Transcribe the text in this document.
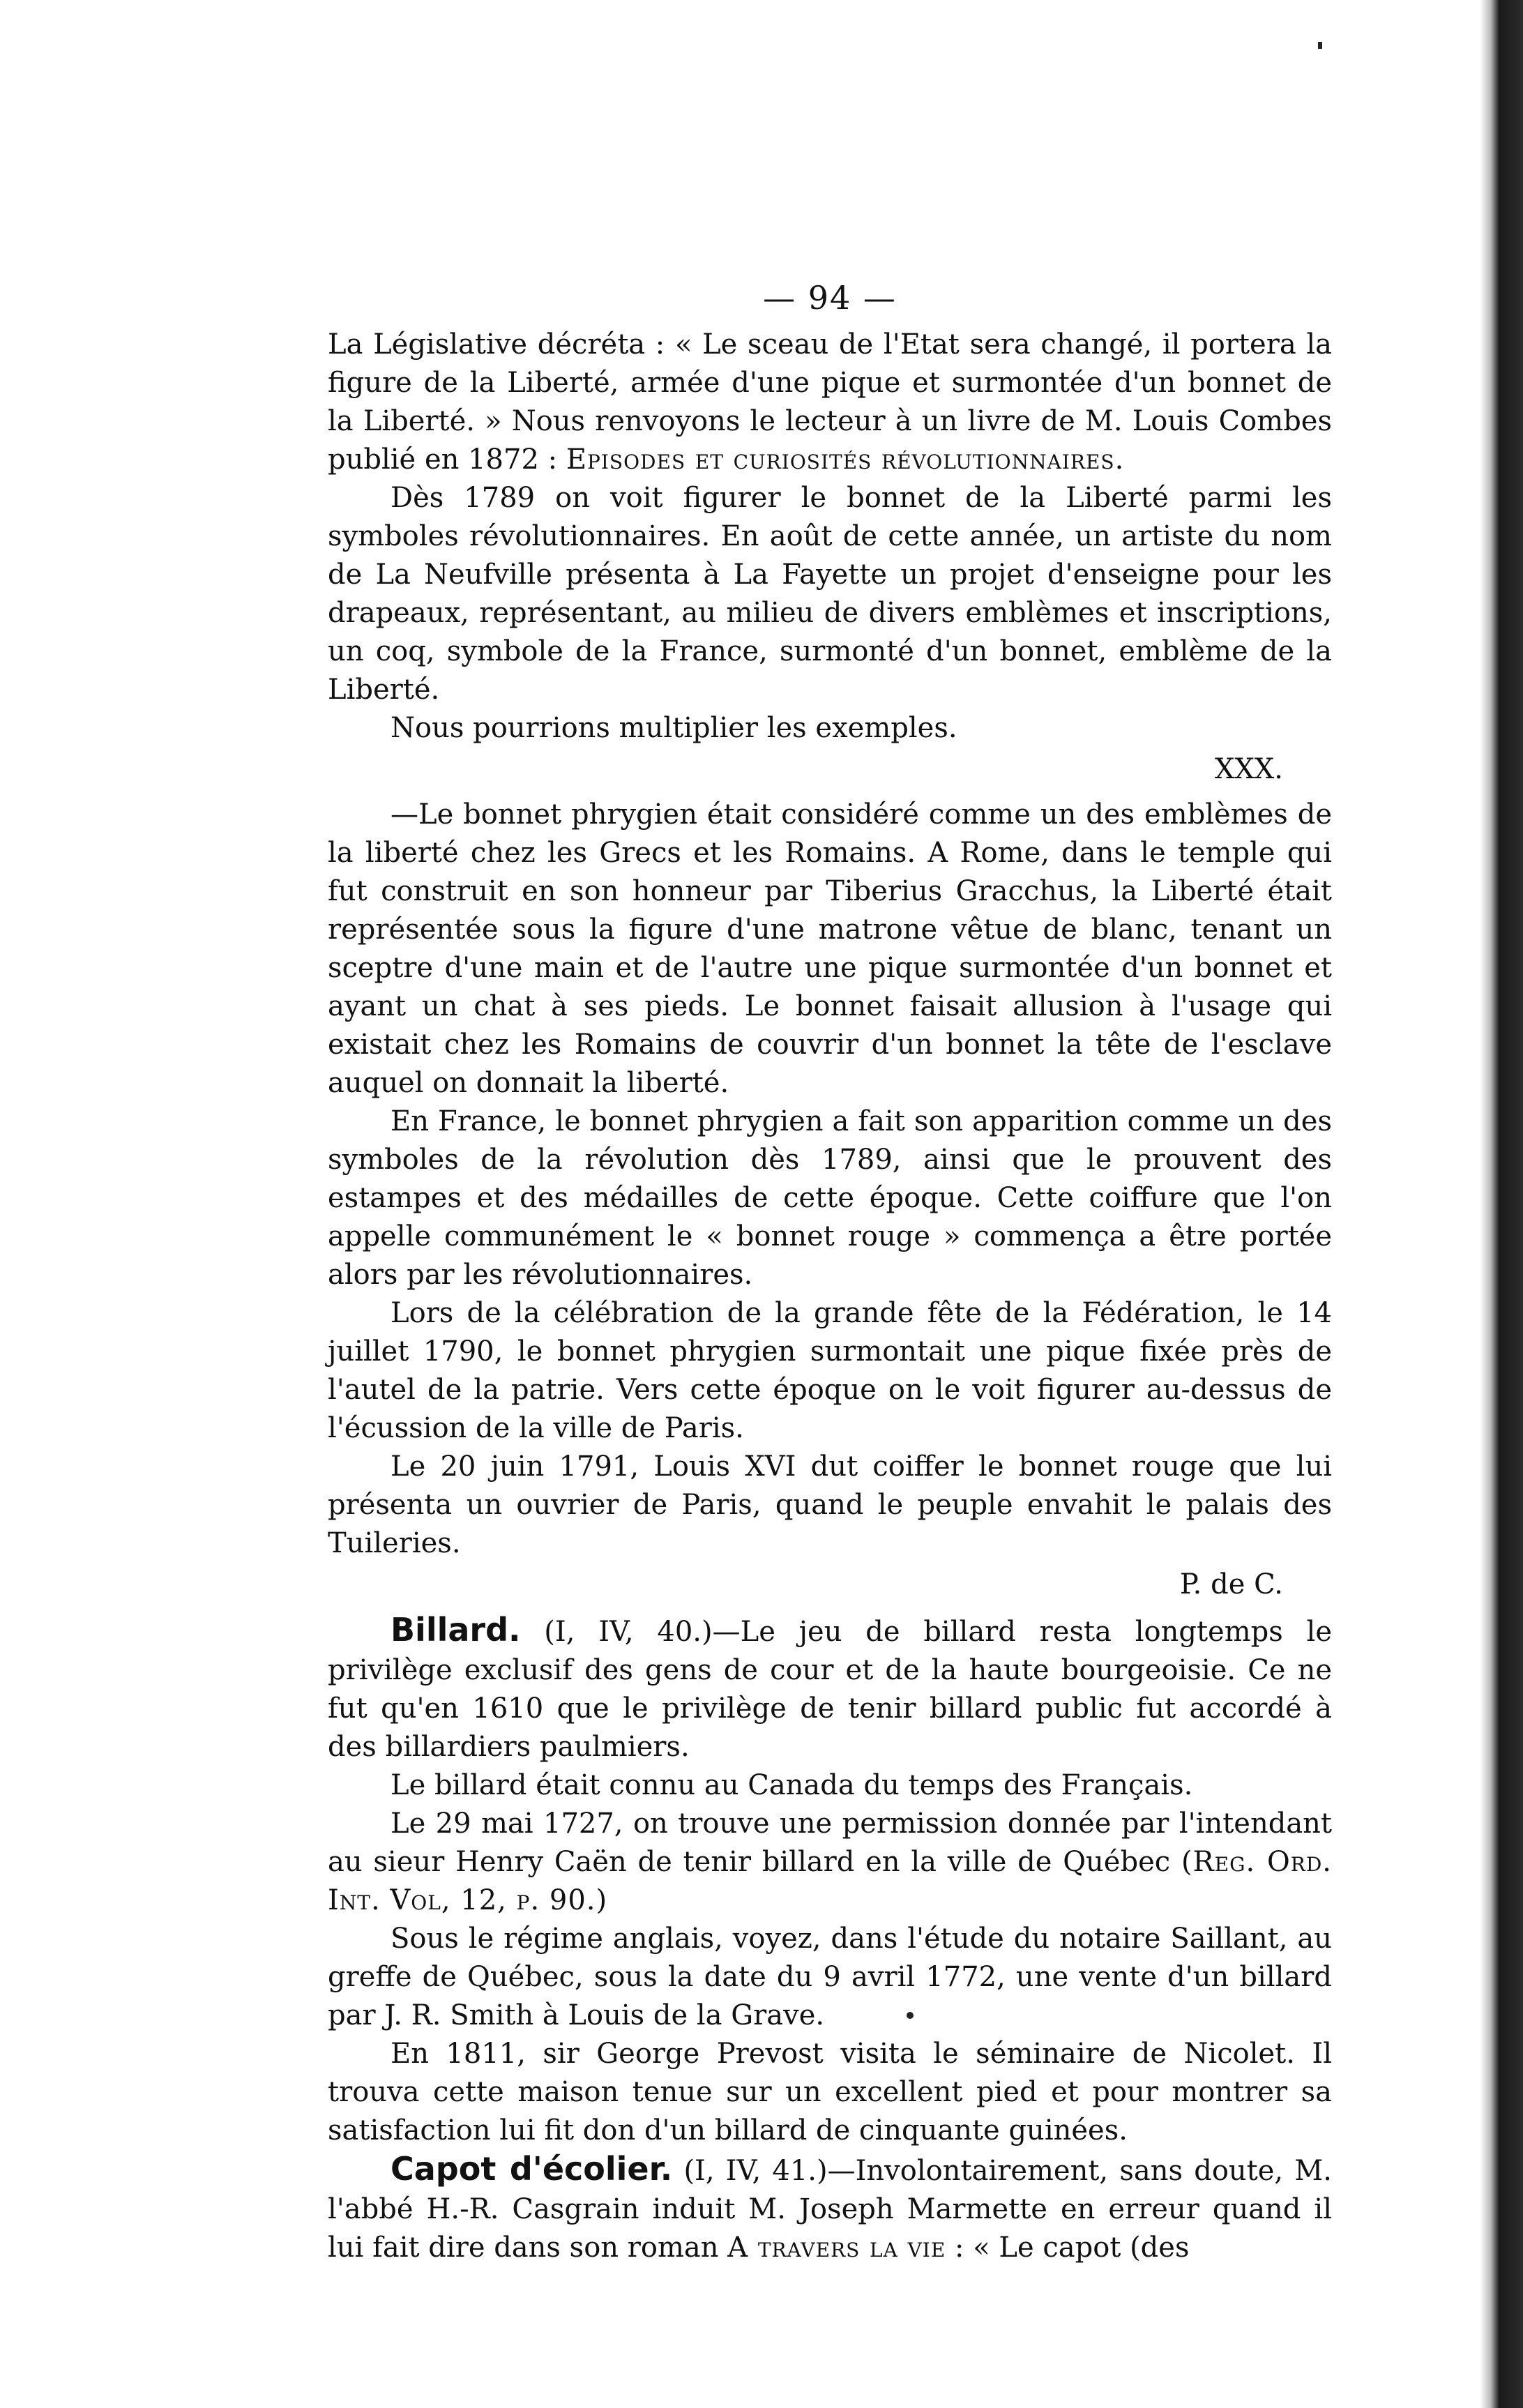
— 94 —

La Législative décréta : « Le sceau de l'Etat sera changé, il portera la figure de la Liberté, armée d'une pique et surmontée d'un bonnet de la Liberté. » Nous renvoyons le lecteur à un livre de M. Louis Combes publié en 1872 : Episodes et curiosités révolutionnaires.

Dès 1789 on voit figurer le bonnet de la Liberté parmi les symboles révolutionnaires. En août de cette année, un artiste du nom de La Neufville présenta à La Fayette un projet d'enseigne pour les drapeaux, représentant, au milieu de divers emblèmes et inscriptions, un coq, symbole de la France, surmonté d'un bonnet, emblème de la Liberté.

Nous pourrions multiplier les exemples.

XXX.

—Le bonnet phrygien était considéré comme un des emblèmes de la liberté chez les Grecs et les Romains. A Rome, dans le temple qui fut construit en son honneur par Tiberius Gracchus, la Liberté était représentée sous la figure d'une matrone vêtue de blanc, tenant un sceptre d'une main et de l'autre une pique surmontée d'un bonnet et ayant un chat à ses pieds. Le bonnet faisait allusion à l'usage qui existait chez les Romains de couvrir d'un bonnet la tête de l'esclave auquel on donnait la liberté.

En France, le bonnet phrygien a fait son apparition comme un des symboles de la révolution dès 1789, ainsi que le prouvent des estampes et des médailles de cette époque. Cette coiffure que l'on appelle communément le « bonnet rouge » commença a être portée alors par les révolutionnaires.

Lors de la célébration de la grande fête de la Fédération, le 14 juillet 1790, le bonnet phrygien surmontait une pique fixée près de l'autel de la patrie. Vers cette époque on le voit figurer au-dessus de l'écussion de la ville de Paris.

Le 20 juin 1791, Louis XVI dut coiffer le bonnet rouge que lui présenta un ouvrier de Paris, quand le peuple envahit le palais des Tuileries.

P. de C.

Billard. (I, IV, 40.)—Le jeu de billard resta longtemps le privilège exclusif des gens de cour et de la haute bourgeoisie. Ce ne fut qu'en 1610 que le privilège de tenir billard public fut accordé à des billardiers paulmiers.

Le billard était connu au Canada du temps des Français.

Le 29 mai 1727, on trouve une permission donnée par l'intendant au sieur Henry Caën de tenir billard en la ville de Québec (Reg. Ord. Int. Vol, 12, p. 90.)

Sous le régime anglais, voyez, dans l'étude du notaire Saillant, au greffe de Québec, sous la date du 9 avril 1772, une vente d'un billard par J. R. Smith à Louis de la Grave.

En 1811, sir George Prevost visita le séminaire de Nicolet. Il trouva cette maison tenue sur un excellent pied et pour montrer sa satisfaction lui fit don d'un billard de cinquante guinées.

Capot d'écolier. (I, IV, 41.)—Involontairement, sans doute, M. l'abbé H.-R. Casgrain induit M. Joseph Marmette en erreur quand il lui fait dire dans son roman A travers la vie : « Le capot (des
